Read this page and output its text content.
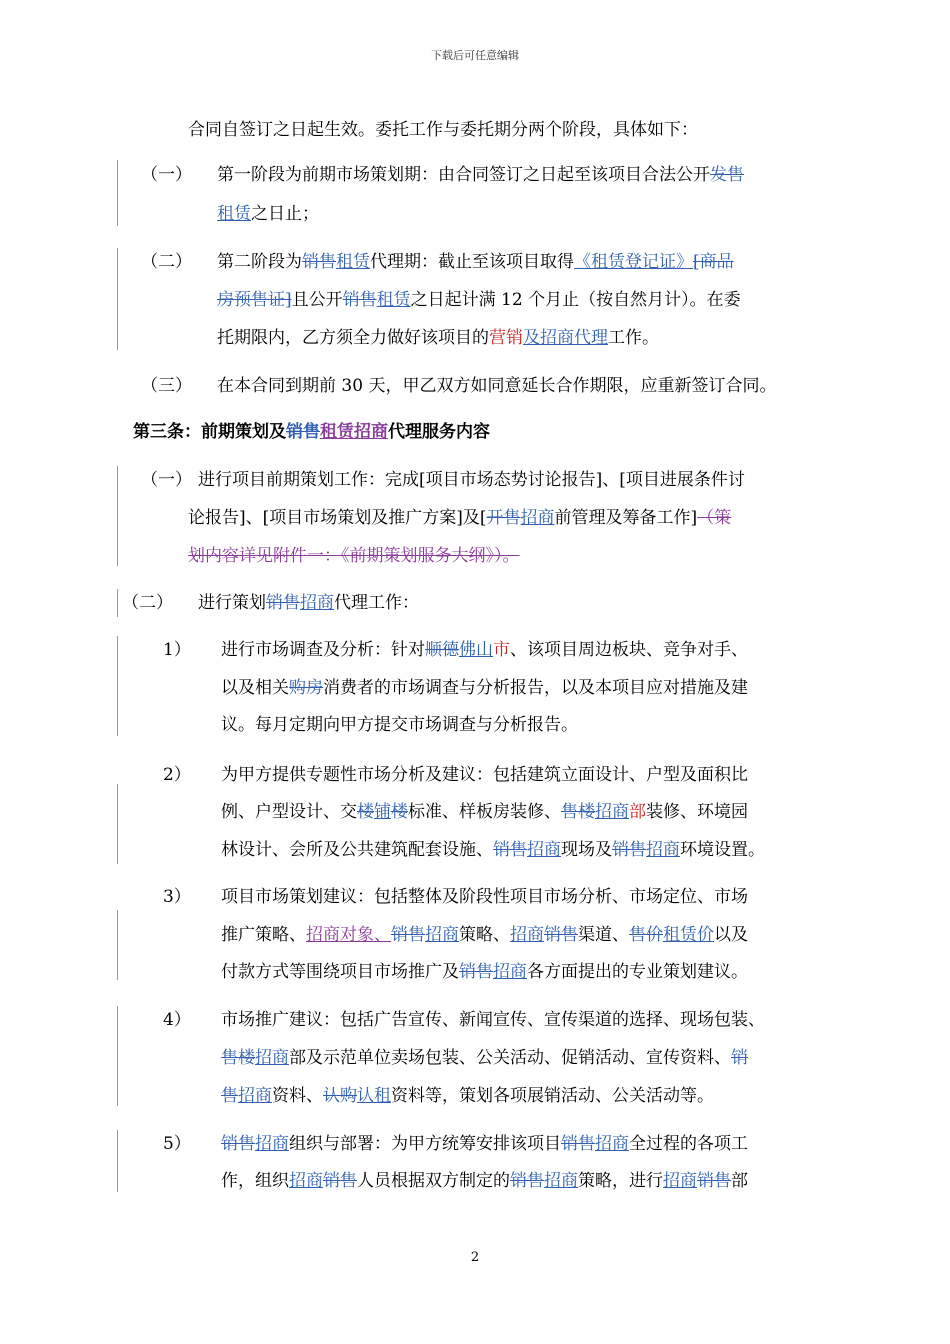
下载后可任意编辑
合同自签订之日起生效。委托工作与委托期分两个阶段，具体如下：
（一） 第一阶段为前期市场策划期：由合同签订之日起至该项目合法公开发售
租赁之日止；
（二） 第二阶段为销售租赁代理期：截止至该项目取得《租赁登记证》[商品
房预售证]且公开销售租赁之日起计满 12 个月止（按自然月计）。在委
托期限内，乙方须全力做好该项目的营销及招商代理工作。
（三） 在本合同到期前 30 天，甲乙双方如同意延长合作期限，应重新签订合同。
第三条：前期策划及销售租赁招商代理服务内容
（一） 进行项目前期策划工作：完成[项目市场态势讨论报告]、[项目进展条件讨
论报告]、[项目市场策划及推广方案]及[开售招商前管理及筹备工作]（策
划内容详见附件一：《前期策划服务大纲》）。
（二） 进行策划销售招商代理工作：
1） 进行市场调查及分析：针对顺德佛山市、该项目周边板块、竞争对手、
以及相关购房消费者的市场调查与分析报告，以及本项目应对措施及建
议。每月定期向甲方提交市场调查与分析报告。
2） 为甲方提供专题性市场分析及建议：包括建筑立面设计、户型及面积比
例、户型设计、交楼铺楼标准、样板房装修、售楼招商部装修、环境园
林设计、会所及公共建筑配套设施、销售招商现场及销售招商环境设置。
3） 项目市场策划建议：包括整体及阶段性项目市场分析、市场定位、市场
推广策略、招商对象、销售招商策略、招商销售渠道、售价租赁价以及
付款方式等围绕项目市场推广及销售招商各方面提出的专业策划建议。
4） 市场推广建议：包括广告宣传、新闻宣传、宣传渠道的选择、现场包装、
售楼招商部及示范单位卖场包装、公关活动、促销活动、宣传资料、销
售招商资料、认购认租资料等，策划各项展销活动、公关活动等。
5） 销售招商组织与部署：为甲方统筹安排该项目销售招商全过程的各项工
作，组织招商销售人员根据双方制定的销售招商策略，进行招商销售部
2
